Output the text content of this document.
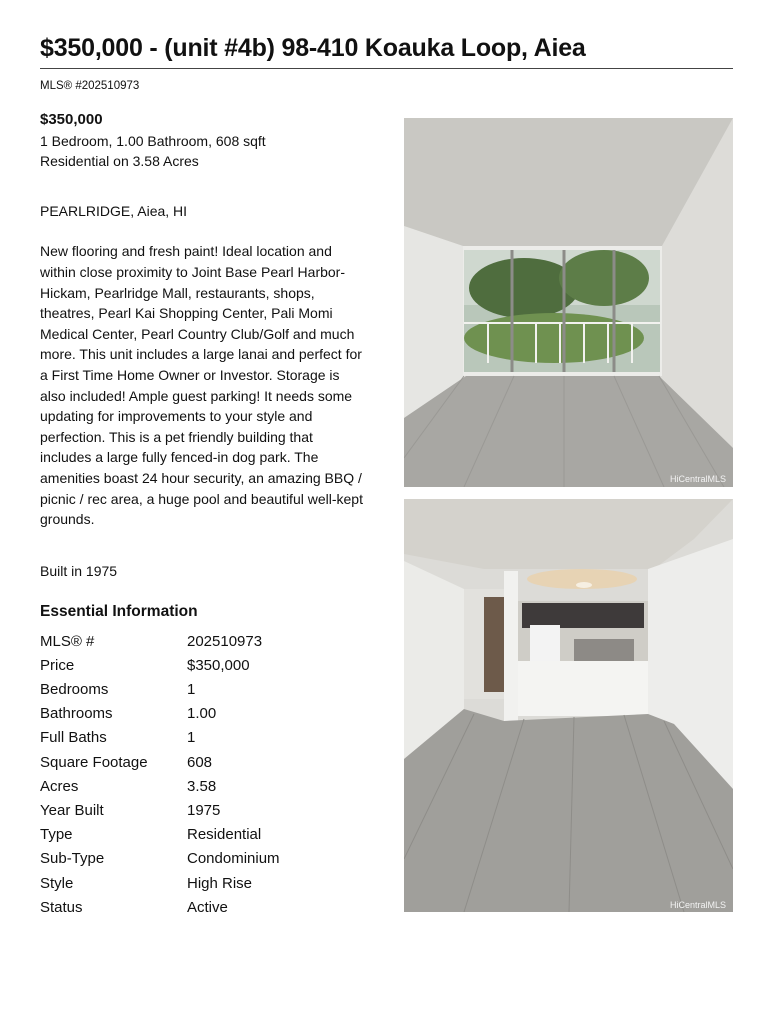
$350,000 - (unit #4b) 98-410 Koauka Loop, Aiea
MLS® #202510973
$350,000
1 Bedroom, 1.00 Bathroom, 608 sqft
Residential on 3.58 Acres
PEARLRIDGE, Aiea, HI
New flooring and fresh paint! Ideal location and within close proximity to Joint Base Pearl Harbor-Hickam, Pearlridge Mall, restaurants, shops, theatres, Pearl Kai Shopping Center, Pali Momi Medical Center, Pearl Country Club/Golf and much more. This unit includes a large lanai and perfect for a First Time Home Owner or Investor. Storage is also included! Ample guest parking! It needs some updating for improvements to your style and perfection. This is a pet friendly building that includes a large fully fenced-in dog park. The amenities boast 24 hour security, an amazing BBQ / picnic / rec area, a huge pool and beautiful well-kept grounds.
Built in 1975
Essential Information
MLS® #	202510973
Price	$350,000
Bedrooms	1
Bathrooms	1.00
Full Baths	1
Square Footage	608
Acres	3.58
Year Built	1975
Type	Residential
Sub-Type	Condominium
Style	High Rise
Status	Active
HiCentralMLS
HiCentralMLS
